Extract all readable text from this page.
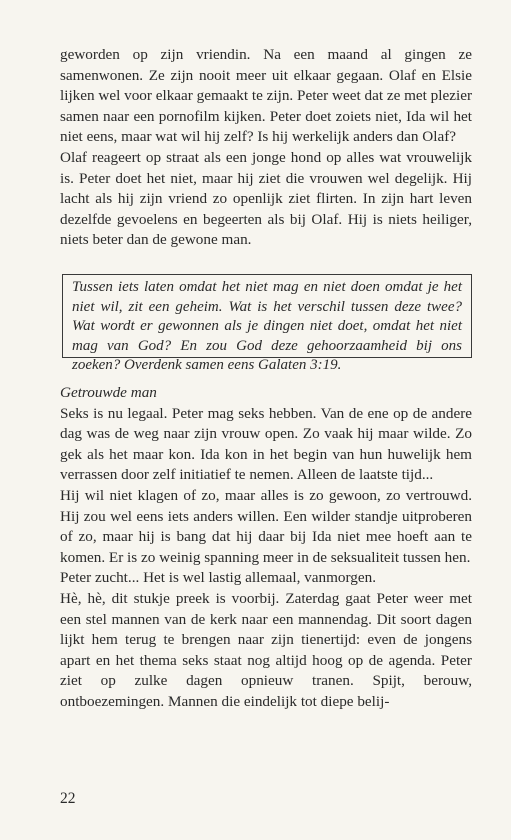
geworden op zijn vriendin. Na een maand al gingen ze samenwonen. Ze zijn nooit meer uit elkaar gegaan. Olaf en Elsie lijken wel voor elkaar gemaakt te zijn. Peter weet dat ze met plezier samen naar een pornofilm kijken. Peter doet zoiets niet, Ida wil het niet eens, maar wat wil hij zelf? Is hij werkelijk anders dan Olaf?

Olaf reageert op straat als een jonge hond op alles wat vrouwelijk is. Peter doet het niet, maar hij ziet die vrouwen wel degelijk. Hij lacht als hij zijn vriend zo openlijk ziet flirten. In zijn hart leven dezelfde gevoelens en begeerten als bij Olaf. Hij is niets heiliger, niets beter dan de gewone man.

Tussen iets laten omdat het niet mag en niet doen omdat je het niet wil, zit een geheim. Wat is het verschil tussen deze twee? Wat wordt er gewonnen als je dingen niet doet, omdat het niet mag van God? En zou God deze gehoorzaamheid bij ons zoeken? Overdenk samen eens Galaten 3:19.

Getrouwde man

Seks is nu legaal. Peter mag seks hebben. Van de ene op de andere dag was de weg naar zijn vrouw open. Zo vaak hij maar wilde. Zo gek als het maar kon. Ida kon in het begin van hun huwelijk hem verrassen door zelf initiatief te nemen. Alleen de laatste tijd...

Hij wil niet klagen of zo, maar alles is zo gewoon, zo vertrouwd. Hij zou wel eens iets anders willen. Een wilder standje uitproberen of zo, maar hij is bang dat hij daar bij Ida niet mee hoeft aan te komen. Er is zo weinig spanning meer in de seksualiteit tussen hen.

Peter zucht... Het is wel lastig allemaal, vanmorgen.

Hè, hè, dit stukje preek is voorbij. Zaterdag gaat Peter weer met een stel mannen van de kerk naar een mannendag. Dit soort dagen lijkt hem terug te brengen naar zijn tienertijd: even de jongens apart en het thema seks staat nog altijd hoog op de agenda. Peter ziet op zulke dagen opnieuw tranen. Spijt, berouw, ontboezemingen. Mannen die eindelijk tot diepe belij-

22
